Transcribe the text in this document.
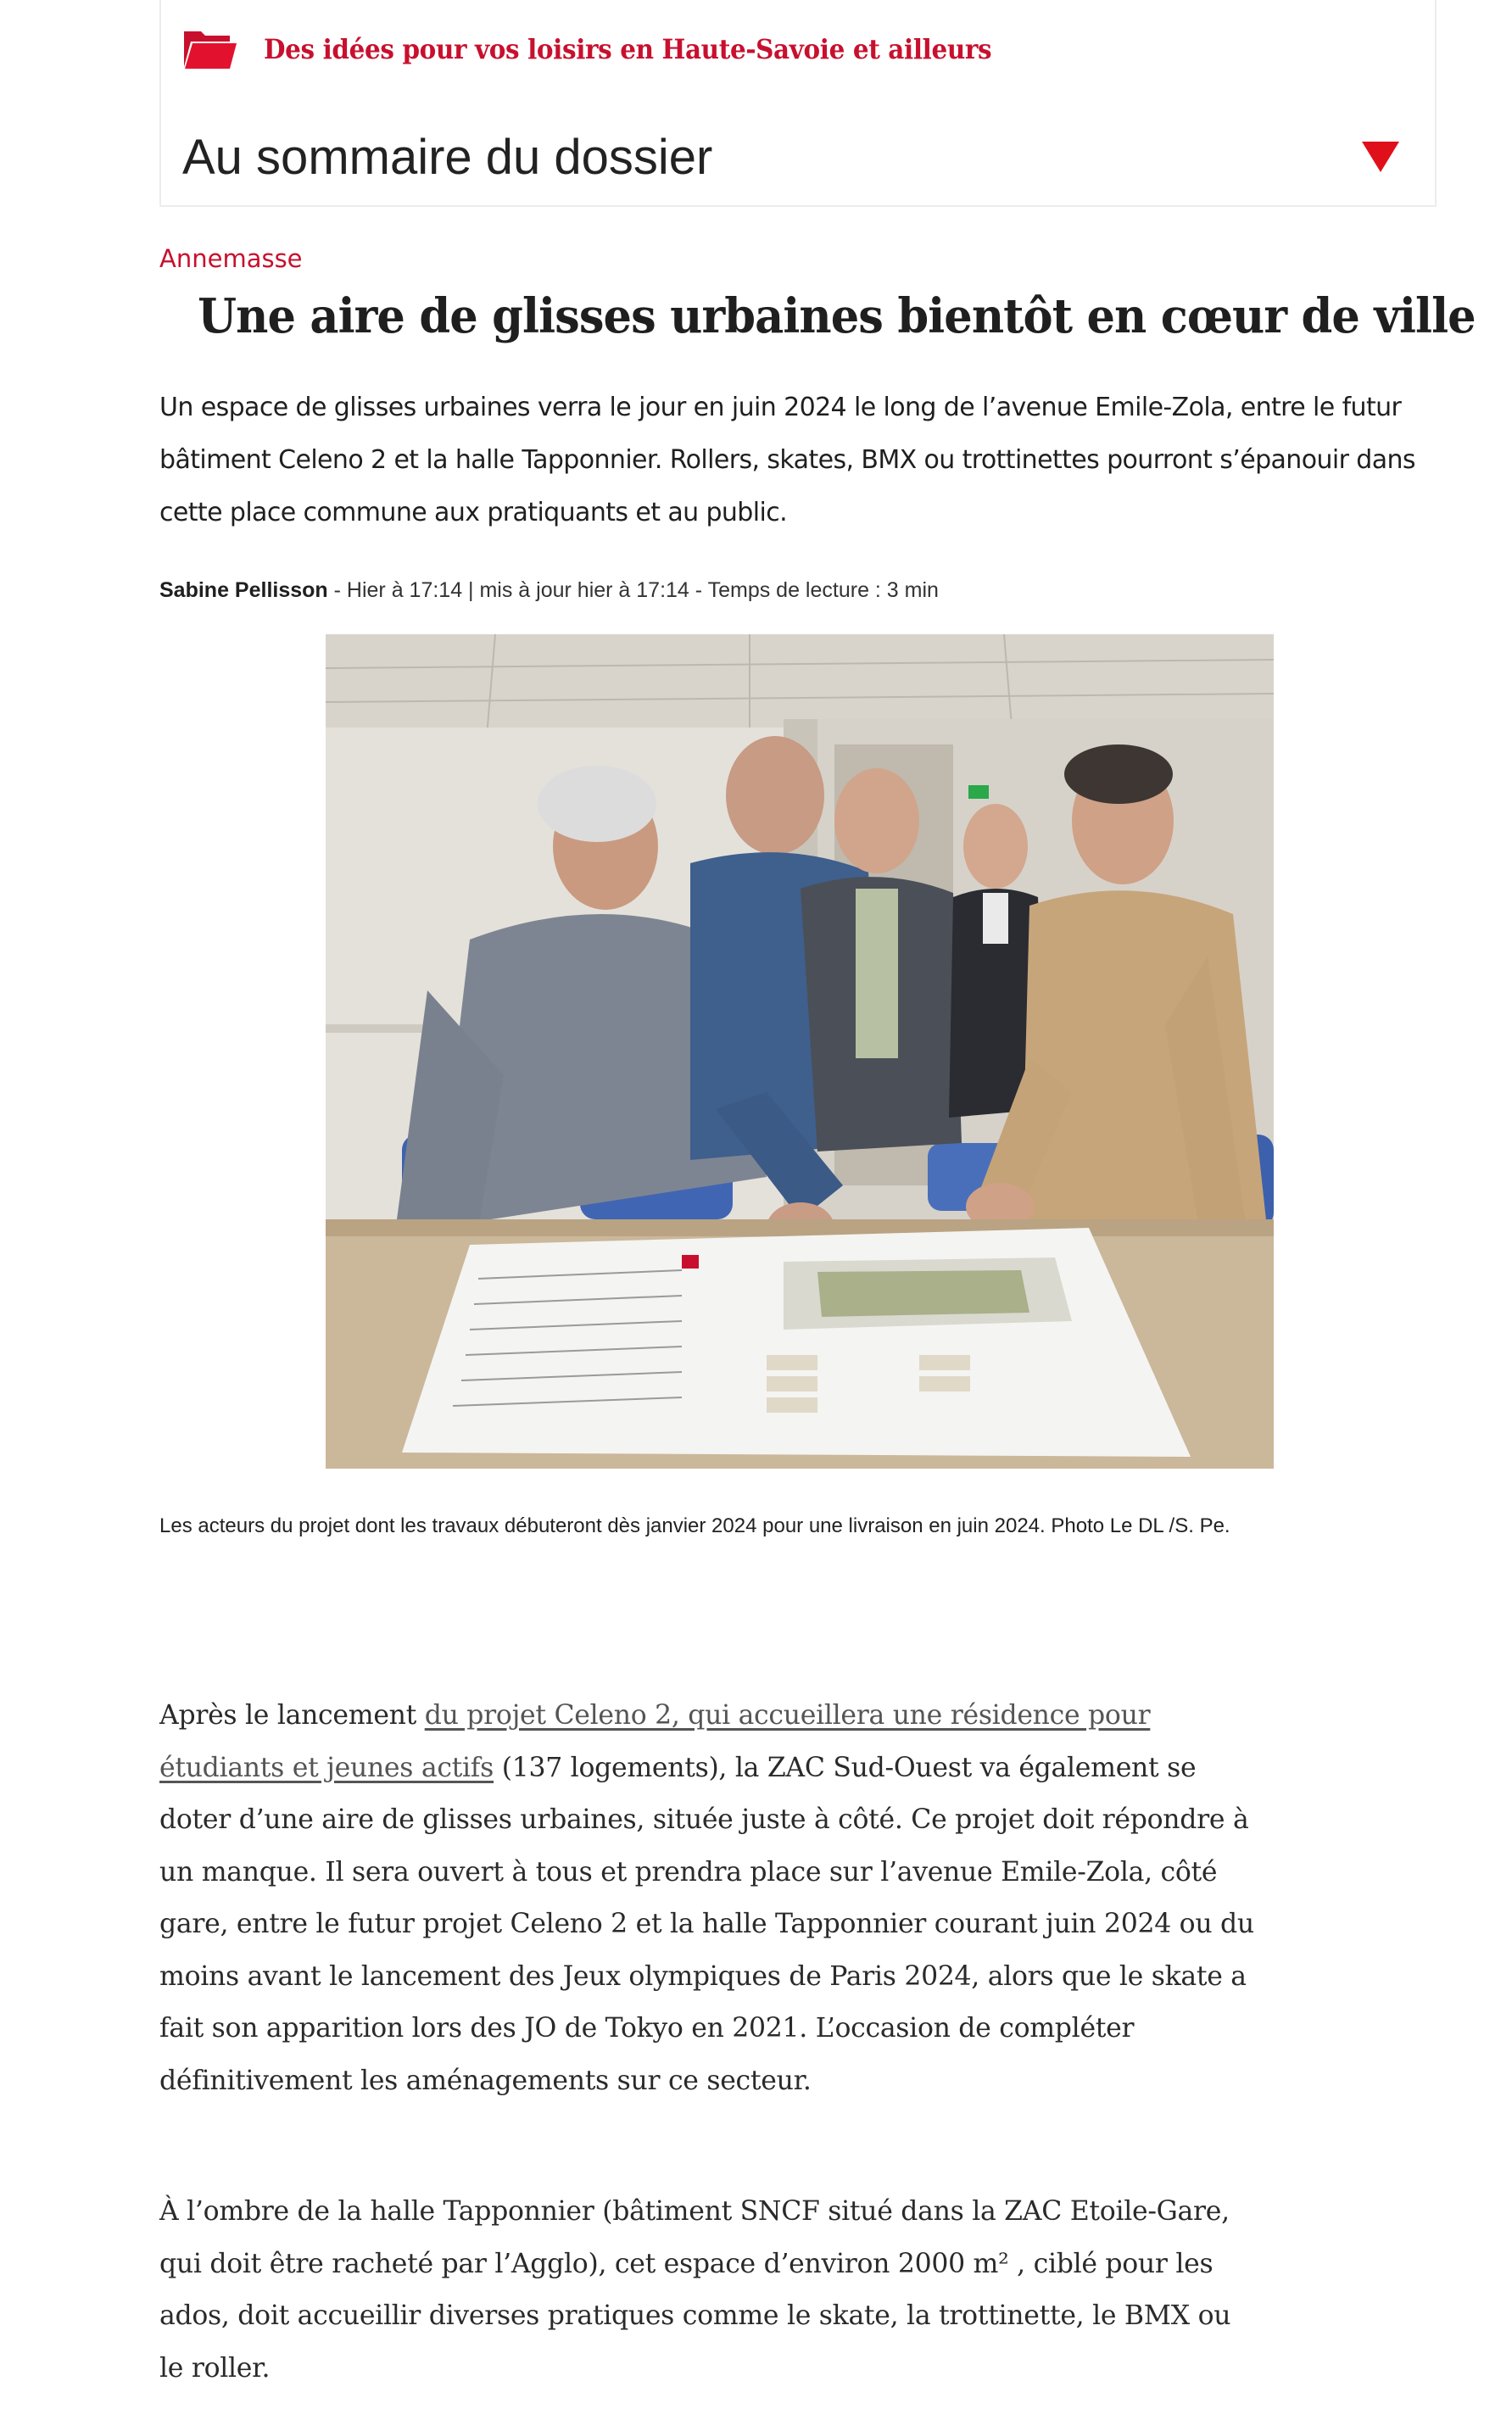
Des idées pour vos loisirs en Haute-Savoie et ailleurs
Au sommaire du dossier
Annemasse
Une aire de glisses urbaines bientôt en cœur de ville

Un espace de glisses urbaines verra le jour en juin 2024 le long de l’avenue Emile-Zola, entre le futur bâtiment Celeno 2 et la halle Tapponnier. Rollers, skates, BMX ou trottinettes pourront s’épanouir dans cette place commune aux pratiquants et au public.

Sabine Pellisson - Hier à 17:14 | mis à jour hier à 17:14 - Temps de lecture : 3 min
Les acteurs du projet dont les travaux débuteront dès janvier 2024 pour une livraison en juin 2024. Photo Le DL /S. Pe.

Après le lancement du projet Celeno 2, qui accueillera une résidence pour étudiants et jeunes actifs (137 logements), la ZAC Sud-Ouest va également se doter d’une aire de glisses urbaines, située juste à côté. Ce projet doit répondre à un manque. Il sera ouvert à tous et prendra place sur l’avenue Emile-Zola, côté gare, entre le futur projet Celeno 2 et la halle Tapponnier courant juin 2024 ou du moins avant le lancement des Jeux olympiques de Paris 2024, alors que le skate a fait son apparition lors des JO de Tokyo en 2021. L’occasion de compléter définitivement les aménagements sur ce secteur.

À l’ombre de la halle Tapponnier (bâtiment SNCF situé dans la ZAC Etoile-Gare, qui doit être racheté par l’Agglo), cet espace d’environ 2000 m² , ciblé pour les ados, doit accueillir diverses pratiques comme le skate, la trottinette, le BMX ou le roller.
